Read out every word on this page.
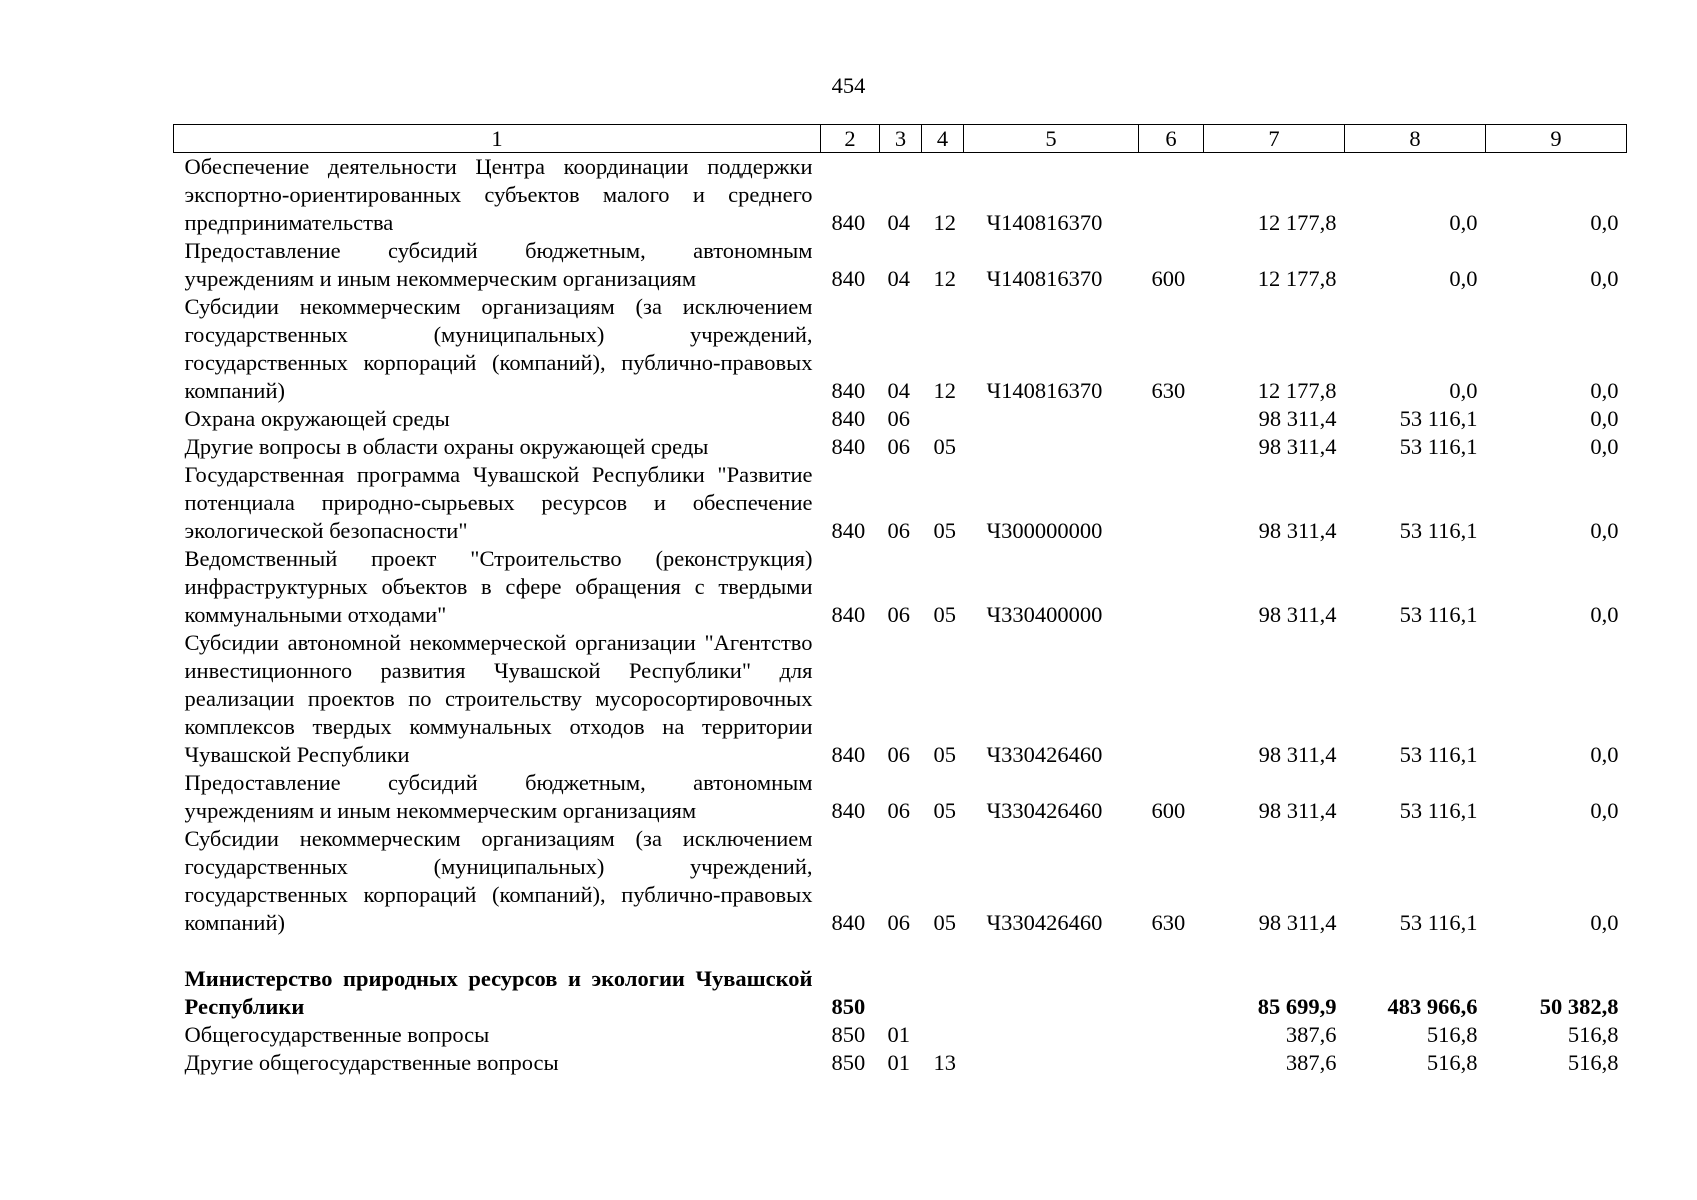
454
1	2	3	4	5	6	7	8	9
Обеспечение деятельности Центра координации поддержки экспортно-ориентированных субъектов малого и среднего предпринимательства	840	04	12	Ч140816370		12 177,8	0,0	0,0
Предоставление субсидий бюджетным, автономным учреждениям и иным некоммерческим организациям	840	04	12	Ч140816370	600	12 177,8	0,0	0,0
Субсидии некоммерческим организациям (за исключением государственных (муниципальных) учреждений, государственных корпораций (компаний), публично-правовых компаний)	840	04	12	Ч140816370	630	12 177,8	0,0	0,0
Охрана окружающей среды	840	06				98 311,4	53 116,1	0,0
Другие вопросы в области охраны окружающей среды	840	06	05			98 311,4	53 116,1	0,0
Государственная программа Чувашской Республики "Развитие потенциала природно-сырьевых ресурсов и обеспечение экологической безопасности"	840	06	05	Ч300000000		98 311,4	53 116,1	0,0
Ведомственный проект "Строительство (реконструкция) инфраструктурных объектов в сфере обращения с твердыми коммунальными отходами"	840	06	05	Ч330400000		98 311,4	53 116,1	0,0
Субсидии автономной некоммерческой организации "Агентство инвестиционного развития Чувашской Республики" для реализации проектов по строительству мусоросортировочных комплексов твердых коммунальных отходов на территории Чувашской Республики	840	06	05	Ч330426460		98 311,4	53 116,1	0,0
Предоставление субсидий бюджетным, автономным учреждениям и иным некоммерческим организациям	840	06	05	Ч330426460	600	98 311,4	53 116,1	0,0
Субсидии некоммерческим организациям (за исключением государственных (муниципальных) учреждений, государственных корпораций (компаний), публично-правовых компаний)	840	06	05	Ч330426460	630	98 311,4	53 116,1	0,0

Министерство природных ресурсов и экологии Чувашской Республики	850					85 699,9	483 966,6	50 382,8
Общегосударственные вопросы	850	01				387,6	516,8	516,8
Другие общегосударственные вопросы	850	01	13			387,6	516,8	516,8
